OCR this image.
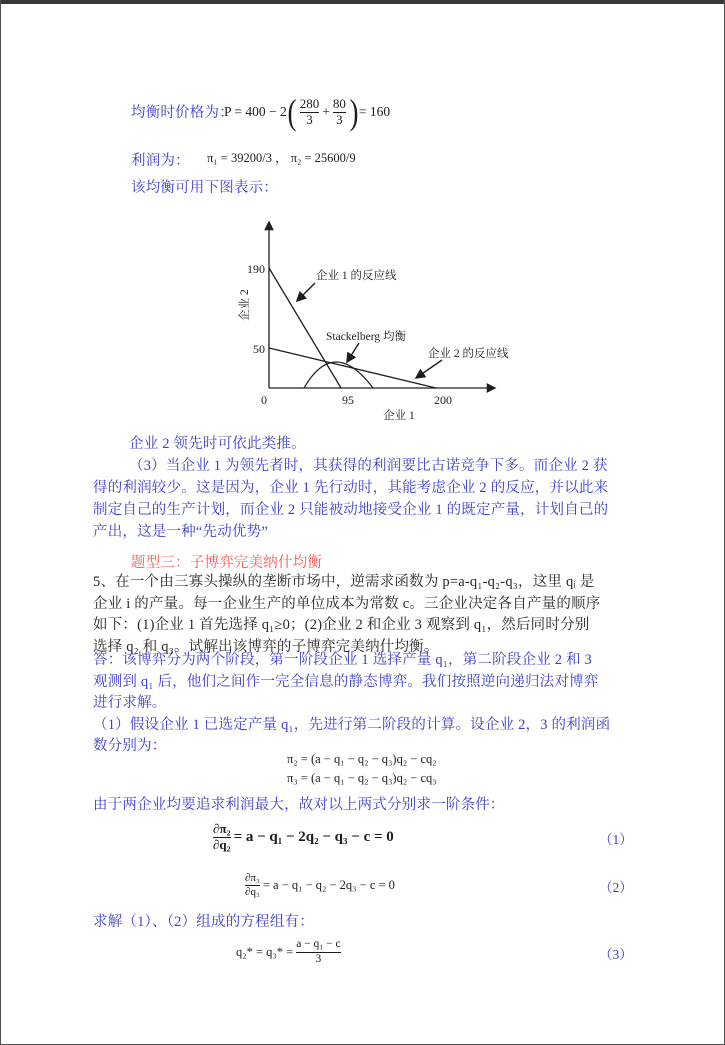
均衡时价格为：
P = 400 − 2 ( $\frac{280}{3} + \frac{80}{3}$ ) = 160
利润为： π₁ = 39200/3 ， π₂ = 25600/9
该均衡可用下图表示：
190
50
0	95	200
企业 1
企业 2
企业 1 的反应线
Stackelberg 均衡
企业 2 的反应线
企业 2 领先时可依此类推。
（3）当企业 1 为领先者时，其获得的利润要比古诺竞争下多。而企业 2 获
得的利润较少。这是因为，企业 1 先行动时，其能考虑企业 2 的反应，并以此来
制定自己的生产计划，而企业 2 只能被动地接受企业 1 的既定产量，计划自己的
产出，这是一种“先动优势”
题型三：子博弈完美纳什均衡
5、在一个由三寡头操纵的垄断市场中，逆需求函数为 p=a-q₁-q₂-q₃，这里 qᵢ 是
企业 i 的产量。每一企业生产的单位成本为常数 c。三企业决定各自产量的顺序
如下：(1)企业 1 首先选择 q₁≥0；(2)企业 2 和企业 3 观察到 q₁，然后同时分别
选择 q₂ 和 q₃。试解出该博弈的子博弈完美纳什均衡。
答：该博弈分为两个阶段，第一阶段企业 1 选择产量 q₁，第二阶段企业 2 和 3
观测到 q₁ 后，他们之间作一完全信息的静态博弈。我们按照逆向递归法对博弈
进行求解。
（1）假设企业 1 已选定产量 q₁，先进行第二阶段的计算。设企业 2，3 的利润函
数分别为：
π₂ = (a − q₁ − q₂ − q₃)q₂ − cq₂
π₃ = (a − q₁ − q₂ − q₃)q₂ − cq₃
由于两企业均要追求利润最大，故对以上两式分别求一阶条件：
$\frac{\text{∂π₂}}{\text{∂q₂}} = a - q_1 - 2q_2 - q_3 - c = 0$	（1）
$\frac{\text{∂π₃}}{\text{∂q₃}} = a - q_1 - q_2 - 2q_3 - c = 0$	（2）
求解（1）、（2）组成的方程组有：
$q_2* = q_3* = \frac{\text{a − q₁ − c}}{3}$	（3）
